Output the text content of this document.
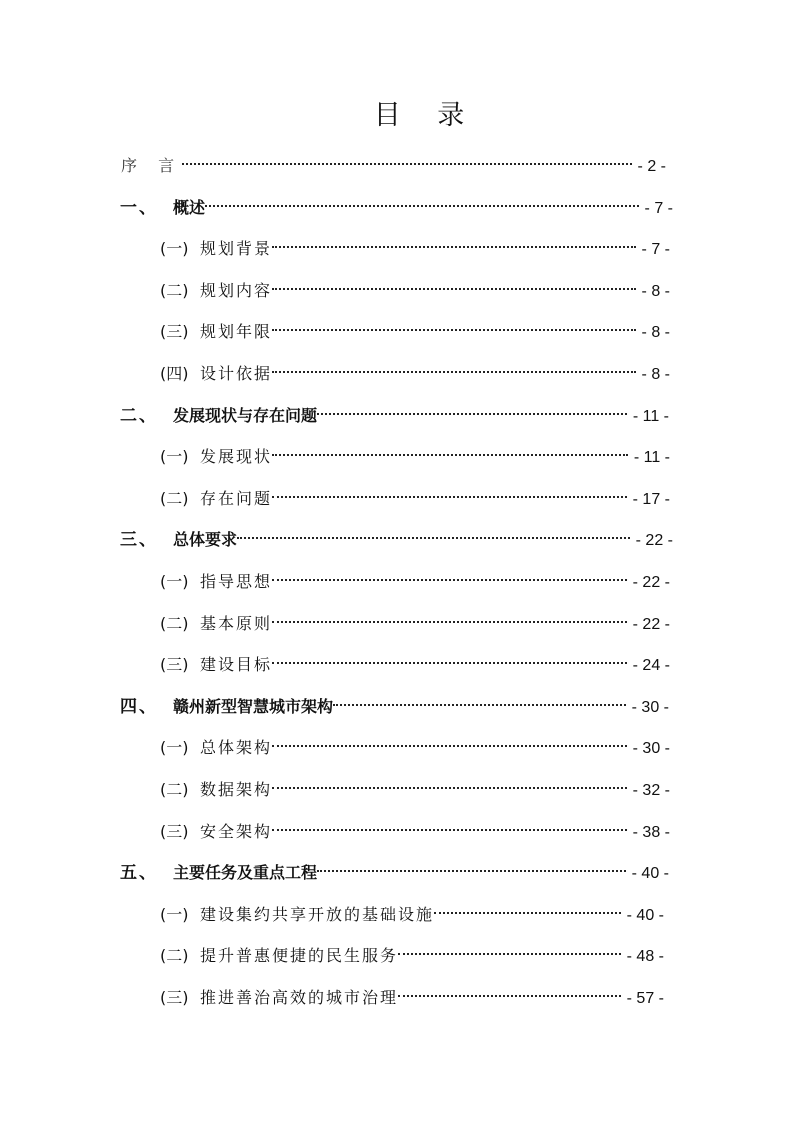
目 录
序 言	- 2 -
一、 概述	- 7 -
(一) 规划背景	- 7 -
(二) 规划内容	- 8 -
(三) 规划年限	- 8 -
(四) 设计依据	- 8 -
二、 发展现状与存在问题	- 11 -
(一) 发展现状	- 11 -
(二) 存在问题	- 17 -
三、 总体要求	- 22 -
(一) 指导思想	- 22 -
(二) 基本原则	- 22 -
(三) 建设目标	- 24 -
四、 赣州新型智慧城市架构	- 30 -
(一) 总体架构	- 30 -
(二) 数据架构	- 32 -
(三) 安全架构	- 38 -
五、 主要任务及重点工程	- 40 -
(一) 建设集约共享开放的基础设施	- 40 -
(二) 提升普惠便捷的民生服务	- 48 -
(三) 推进善治高效的城市治理	- 57 -
